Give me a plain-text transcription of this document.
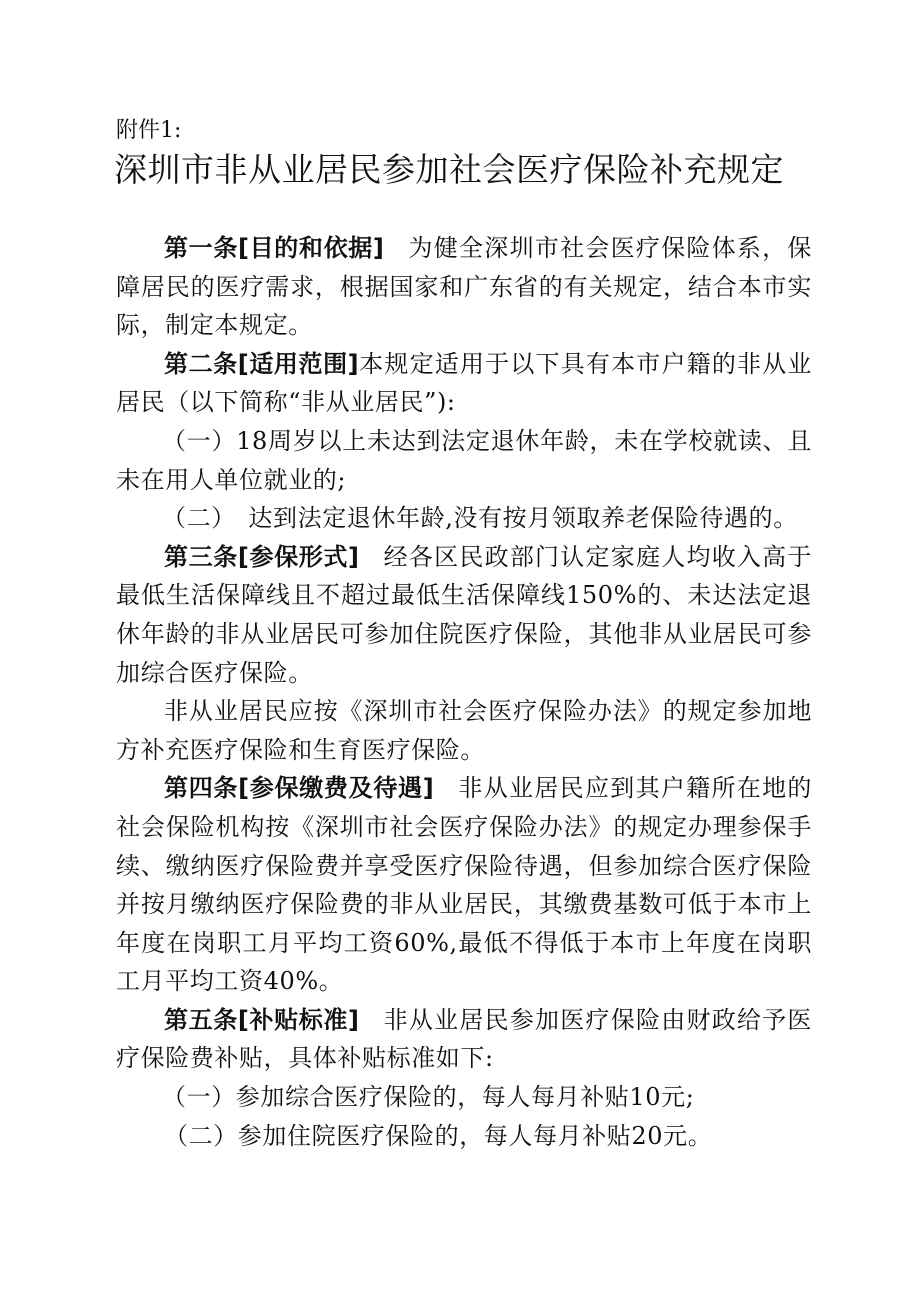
附件1:
深圳市非从业居民参加社会医疗保险补充规定

第一条[目的和依据] 为健全深圳市社会医疗保险体系，保障居民的医疗需求，根据国家和广东省的有关规定，结合本市实际，制定本规定。

第二条[适用范围]本规定适用于以下具有本市户籍的非从业居民（以下简称“非从业居民”):

（一）18周岁以上未达到法定退休年龄，未在学校就读、且未在用人单位就业的;

（二）　达到法定退休年龄,没有按月领取养老保险待遇的。

第三条[参保形式] 经各区民政部门认定家庭人均收入高于最低生活保障线且不超过最低生活保障线150%的、未达法定退休年龄的非从业居民可参加住院医疗保险，其他非从业居民可参加综合医疗保险。

非从业居民应按《深圳市社会医疗保险办法》的规定参加地方补充医疗保险和生育医疗保险。

第四条[参保缴费及待遇] 非从业居民应到其户籍所在地的社会保险机构按《深圳市社会医疗保险办法》的规定办理参保手续、缴纳医疗保险费并享受医疗保险待遇，但参加综合医疗保险并按月缴纳医疗保险费的非从业居民，其缴费基数可低于本市上年度在岗职工月平均工资60%,最低不得低于本市上年度在岗职工月平均工资40%。

第五条[补贴标准] 非从业居民参加医疗保险由财政给予医疗保险费补贴，具体补贴标准如下:

（一）参加综合医疗保险的，每人每月补贴10元;

（二）参加住院医疗保险的，每人每月补贴20元。
